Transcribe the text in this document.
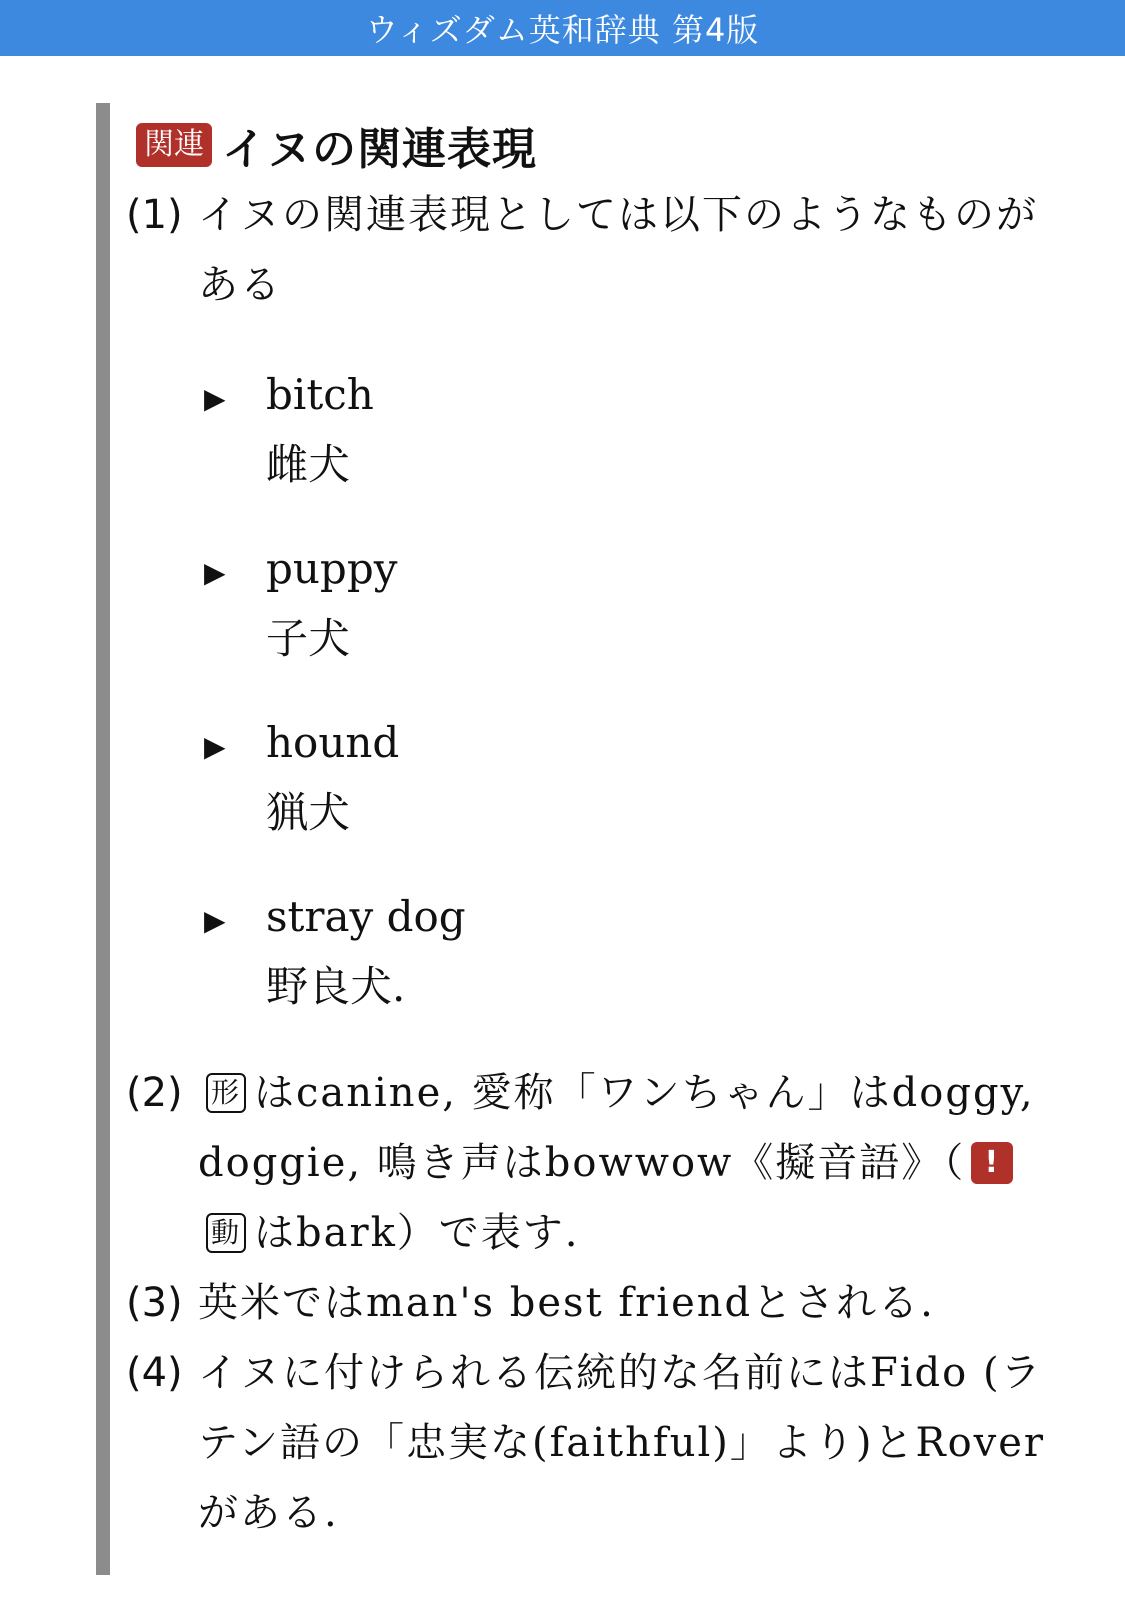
ウィズダム英和辞典 第4版
関連 イヌの関連表現
(1) イヌの関連表現としては以下のようなものがある
▶ bitch
雌犬
▶ puppy
子犬
▶ hound
猟犬
▶ stray dog
野良犬.
(2)	形 はcanine, 愛称「ワンちゃん」はdoggy, doggie, 鳴き声はbowwow《擬音語》（ !動 はbark）で表す.
(3) 英米ではman's best friendとされる.
(4) イヌに付けられる伝統的な名前にはFido (ラテン語の「忠実な(faithful)」より)とRoverがある.
